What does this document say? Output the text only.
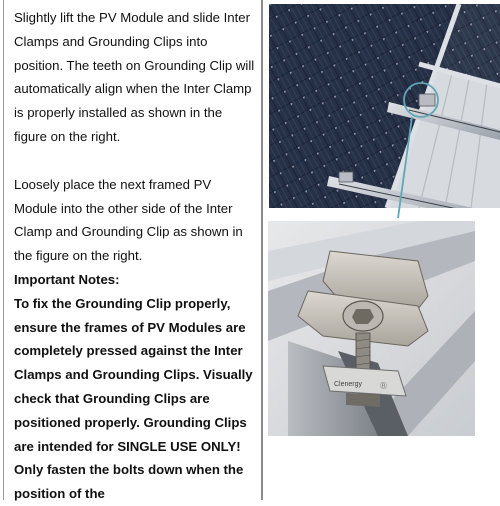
Slightly lift the PV Module and slide Inter Clamps and Grounding Clips into position. The teeth on Grounding Clip will automatically align when the Inter Clamp is properly installed as shown in the figure on the right.

Loosely place the next framed PV Module into the other side of the Inter Clamp and Grounding Clip as shown in the figure on the right.

Important Notes:

To fix the Grounding Clip properly, ensure the frames of PV Modules are completely pressed against the Inter Clamps and Grounding Clips. Visually check that Grounding Clips are positioned properly. Grounding Clips are intended for SINGLE USE ONLY! Only fasten the bolts down when the position of the

Clenergy	Ⓡ
